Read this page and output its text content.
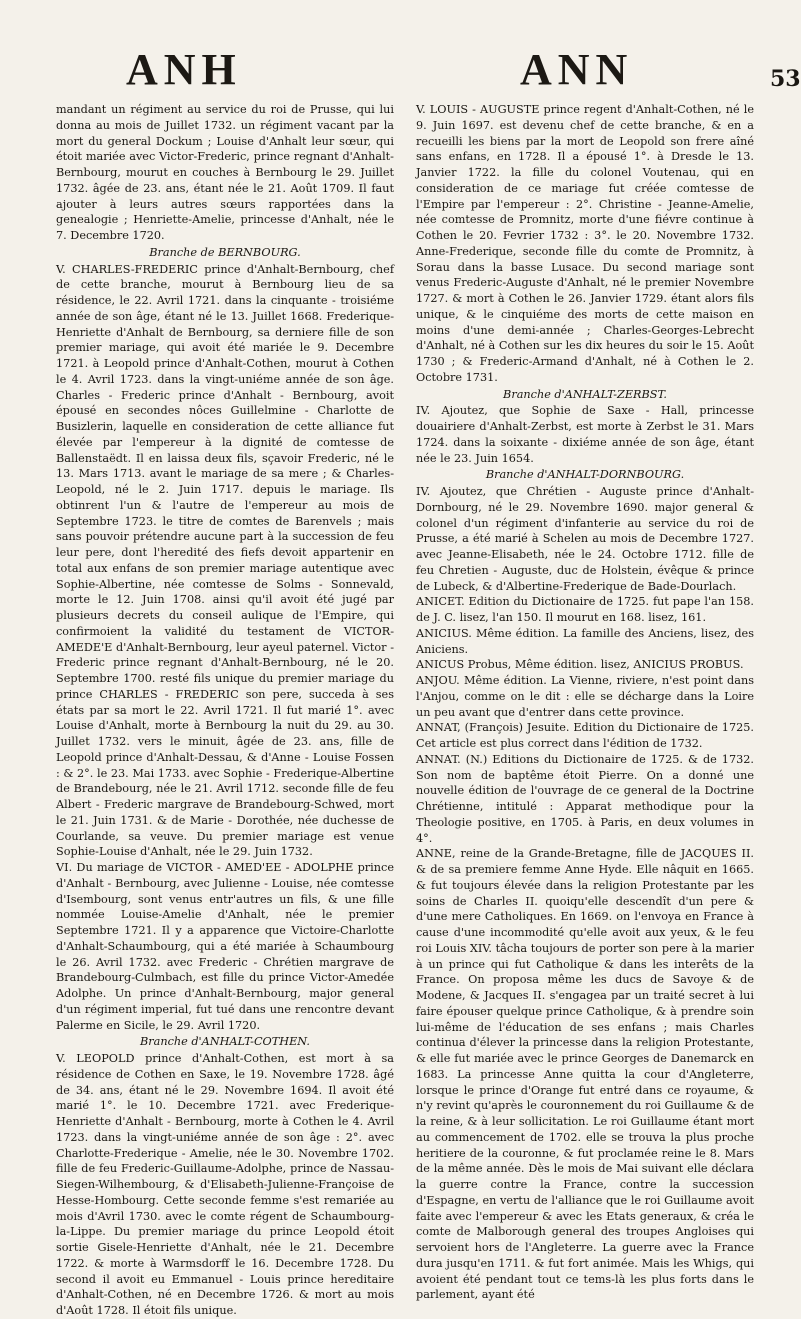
ANH	ANN	53

mandant un régiment au service du roi de Prusse, qui lui donna au mois de Juillet 1732. un régiment vacant par la mort du general Dockum ; Louise d'Anhalt leur sœur, qui étoit mariée avec Victor-Frederic, prince regnant d'Anhalt-Bernbourg, mourut en couches à Bernbourg le 29. Juillet 1732. âgée de 23. ans, étant née le 21. Août 1709. Il faut ajouter à leurs autres sœurs rapportées dans la genealogie ; Henriette-Amelie, princesse d'Anhalt, née le 7. Decembre 1720.

Branche de BERNBOURG.

V. CHARLES-FREDERIC prince d'Anhalt-Bernbourg, chef de cette branche, mourut à Bernbourg lieu de sa résidence, le 22. Avril 1721. dans la cinquante - troisiéme année de son âge, étant né le 13. Juillet 1668. Frederique-Henriette d'Anhalt de Bernbourg, sa derniere fille de son premier mariage, qui avoit été mariée le 9. Decembre 1721. à Leopold prince d'Anhalt-Cothen, mourut à Cothen le 4. Avril 1723. dans la vingt-uniéme année de son âge. Charles - Frederic prince d'Anhalt - Bernbourg, avoit épousé en secondes nôces Guillelmine - Charlotte de Busizlerin, laquelle en consideration de cette alliance fut élevée par l'empereur à la dignité de comtesse de Ballenstaëdt. Il en laissa deux fils, sçavoir Frederic, né le 13. Mars 1713. avant le mariage de sa mere ; & Charles-Leopold, né le 2. Juin 1717. depuis le mariage. Ils obtinrent l'un & l'autre de l'empereur au mois de Septembre 1723. le titre de comtes de Barenvels ; mais sans pouvoir prétendre aucune part à la succession de feu leur pere, dont l'heredité des fiefs devoit appartenir en total aux enfans de son premier mariage autentique avec Sophie-Albertine, née comtesse de Solms - Sonnevald, morte le 12. Juin 1708. ainsi qu'il avoit été jugé par plusieurs decrets du conseil aulique de l'Empire, qui confirmoient la validité du testament de VICTOR-AMEDE'E d'Anhalt-Bernbourg, leur ayeul paternel. Victor - Frederic prince regnant d'Anhalt-Bernbourg, né le 20. Septembre 1700. resté fils unique du premier mariage du prince CHARLES - FREDERIC son pere, succeda à ses états par sa mort le 22. Avril 1721. Il fut marié 1°. avec Louise d'Anhalt, morte à Bernbourg la nuit du 29. au 30. Juillet 1732. vers le minuit, âgée de 23. ans, fille de Leopold prince d'Anhalt-Dessau, & d'Anne - Louise Fossen : & 2°. le 23. Mai 1733. avec Sophie - Frederique-Albertine de Brandebourg, née le 21. Avril 1712. seconde fille de feu Albert - Frederic margrave de Brandebourg-Schwed, mort le 21. Juin 1731. & de Marie - Dorothée, née duchesse de Courlande, sa veuve. Du premier mariage est venue Sophie-Louise d'Anhalt, née le 29. Juin 1732.

VI. Du mariage de VICTOR - AMED'EE - ADOLPHE prince d'Anhalt - Bernbourg, avec Julienne - Louise, née comtesse d'Isembourg, sont venus entr'autres un fils, & une fille nommée Louise-Amelie d'Anhalt, née le premier Septembre 1721. Il y a apparence que Victoire-Charlotte d'Anhalt-Schaumbourg, qui a été mariée à Schaumbourg le 26. Avril 1732. avec Frederic - Chrétien margrave de Brandebourg-Culmbach, est fille du prince Victor-Amedée Adolphe. Un prince d'Anhalt-Bernbourg, major general d'un régiment imperial, fut tué dans une rencontre devant Palerme en Sicile, le 29. Avril 1720.

Branche d'ANHALT-COTHEN.

V. LEOPOLD prince d'Anhalt-Cothen, est mort à sa résidence de Cothen en Saxe, le 19. Novembre 1728. âgé de 34. ans, étant né le 29. Novembre 1694. Il avoit été marié 1°. le 10. Decembre 1721. avec Frederique-Henriette d'Anhalt - Bernbourg, morte à Cothen le 4. Avril 1723. dans la vingt-uniéme année de son âge : 2°. avec Charlotte-Frederique - Amelie, née le 30. Novembre 1702. fille de feu Frederic-Guillaume-Adolphe, prince de Nassau-Siegen-Wilhembourg, & d'Elisabeth-Julienne-Françoise de Hesse-Hombourg. Cette seconde femme s'est remariée au mois d'Avril 1730. avec le comte régent de Schaumbourg-la-Lippe. Du premier mariage du prince Leopold étoit sortie Gisele-Henriette d'Anhalt, née le 21. Decembre 1722. & morte à Warmsdorff le 16. Decembre 1728. Du second il avoit eu Emmanuel - Louis prince hereditaire d'Anhalt-Cothen, né en Decembre 1726. & mort au mois d'Août 1728. Il étoit fils unique.

V. LOUIS - AUGUSTE prince regent d'Anhalt-Cothen, né le 9. Juin 1697. est devenu chef de cette branche, & en a recueilli les biens par la mort de Leopold son frere aîné sans enfans, en 1728. Il a épousé 1°. à Dresde le 13. Janvier 1722. la fille du colonel Voutenau, qui en consideration de ce mariage fut créée comtesse de l'Empire par l'empereur : 2°. Christine - Jeanne-Amelie, née comtesse de Promnitz, morte d'une fiévre continue à Cothen le 20. Fevrier 1732 : 3°. le 20. Novembre 1732. Anne-Frederique, seconde fille du comte de Promnitz, à Sorau dans la basse Lusace. Du second mariage sont venus Frederic-Auguste d'Anhalt, né le premier Novembre 1727. & mort à Cothen le 26. Janvier 1729. étant alors fils unique, & le cinquiéme des morts de cette maison en moins d'une demi-année ; Charles-Georges-Lebrecht d'Anhalt, né à Cothen sur les dix heures du soir le 15. Août 1730 ; & Frederic-Armand d'Anhalt, né à Cothen le 2. Octobre 1731.

Branche d'ANHALT-ZERBST.

IV. Ajoutez, que Sophie de Saxe - Hall, princesse douairiere d'Anhalt-Zerbst, est morte à Zerbst le 31. Mars 1724. dans la soixante - dixiéme année de son âge, étant née le 23. Juin 1654.

Branche d'ANHALT-DORNBOURG.

IV. Ajoutez, que Chrétien - Auguste prince d'Anhalt-Dornbourg, né le 29. Novembre 1690. major general & colonel d'un régiment d'infanterie au service du roi de Prusse, a été marié à Schelen au mois de Decembre 1727. avec Jeanne-Elisabeth, née le 24. Octobre 1712. fille de feu Chretien - Auguste, duc de Holstein, évêque & prince de Lubeck, & d'Albertine-Frederique de Bade-Dourlach.

ANICET. Edition du Dictionaire de 1725. fut pape l'an 158. de J. C. lisez, l'an 150. Il mourut en 168. lisez, 161.

ANICIUS. Même édition. La famille des Anciens, lisez, des Aniciens.

ANICUS Probus, Même édition. lisez, ANICIUS PROBUS.

ANJOU. Même édition. La Vienne, riviere, n'est point dans l'Anjou, comme on le dit : elle se décharge dans la Loire un peu avant que d'entrer dans cette province.

ANNAT, (François) Jesuite. Edition du Dictionaire de 1725. Cet article est plus correct dans l'édition de 1732.

ANNAT. (N.) Editions du Dictionaire de 1725. & de 1732. Son nom de baptême étoit Pierre. On a donné une nouvelle édition de l'ouvrage de ce general de la Doctrine Chrétienne, intitulé : Apparat methodique pour la Theologie positive, en 1705. à Paris, en deux volumes in 4°.

ANNE, reine de la Grande-Bretagne, fille de JACQUES II. & de sa premiere femme Anne Hyde. Elle nâquit en 1665. & fut toujours élevée dans la religion Protestante par les soins de Charles II. quoiqu'elle descendît d'un pere & d'une mere Catholiques. En 1669. on l'envoya en France à cause d'une incommodité qu'elle avoit aux yeux, & le feu roi Louis XIV. tâcha toujours de porter son pere à la marier à un prince qui fut Catholique & dans les interêts de la France. On proposa même les ducs de Savoye & de Modene, & Jacques II. s'engagea par un traité secret à lui faire épouser quelque prince Catholique, & à prendre soin lui-même de l'éducation de ses enfans ; mais Charles continua d'élever la princesse dans la religion Protestante, & elle fut mariée avec le prince Georges de Danemarck en 1683. La princesse Anne quitta la cour d'Angleterre, lorsque le prince d'Orange fut entré dans ce royaume, & n'y revint qu'après le couronnement du roi Guillaume & de la reine, & à leur sollicitation. Le roi Guillaume étant mort au commencement de 1702. elle se trouva la plus proche heritiere de la couronne, & fut proclamée reine le 8. Mars de la même année. Dès le mois de Mai suivant elle déclara la guerre contre la France, contre la succession d'Espagne, en vertu de l'alliance que le roi Guillaume avoit faite avec l'empereur & avec les Etats generaux, & créa le comte de Malborough general des troupes Angloises qui servoient hors de l'Angleterre. La guerre avec la France dura jusqu'en 1711. & fut fort animée. Mais les Whigs, qui avoient été pendant tout ce tems-là les plus forts dans le parlement, ayant été
